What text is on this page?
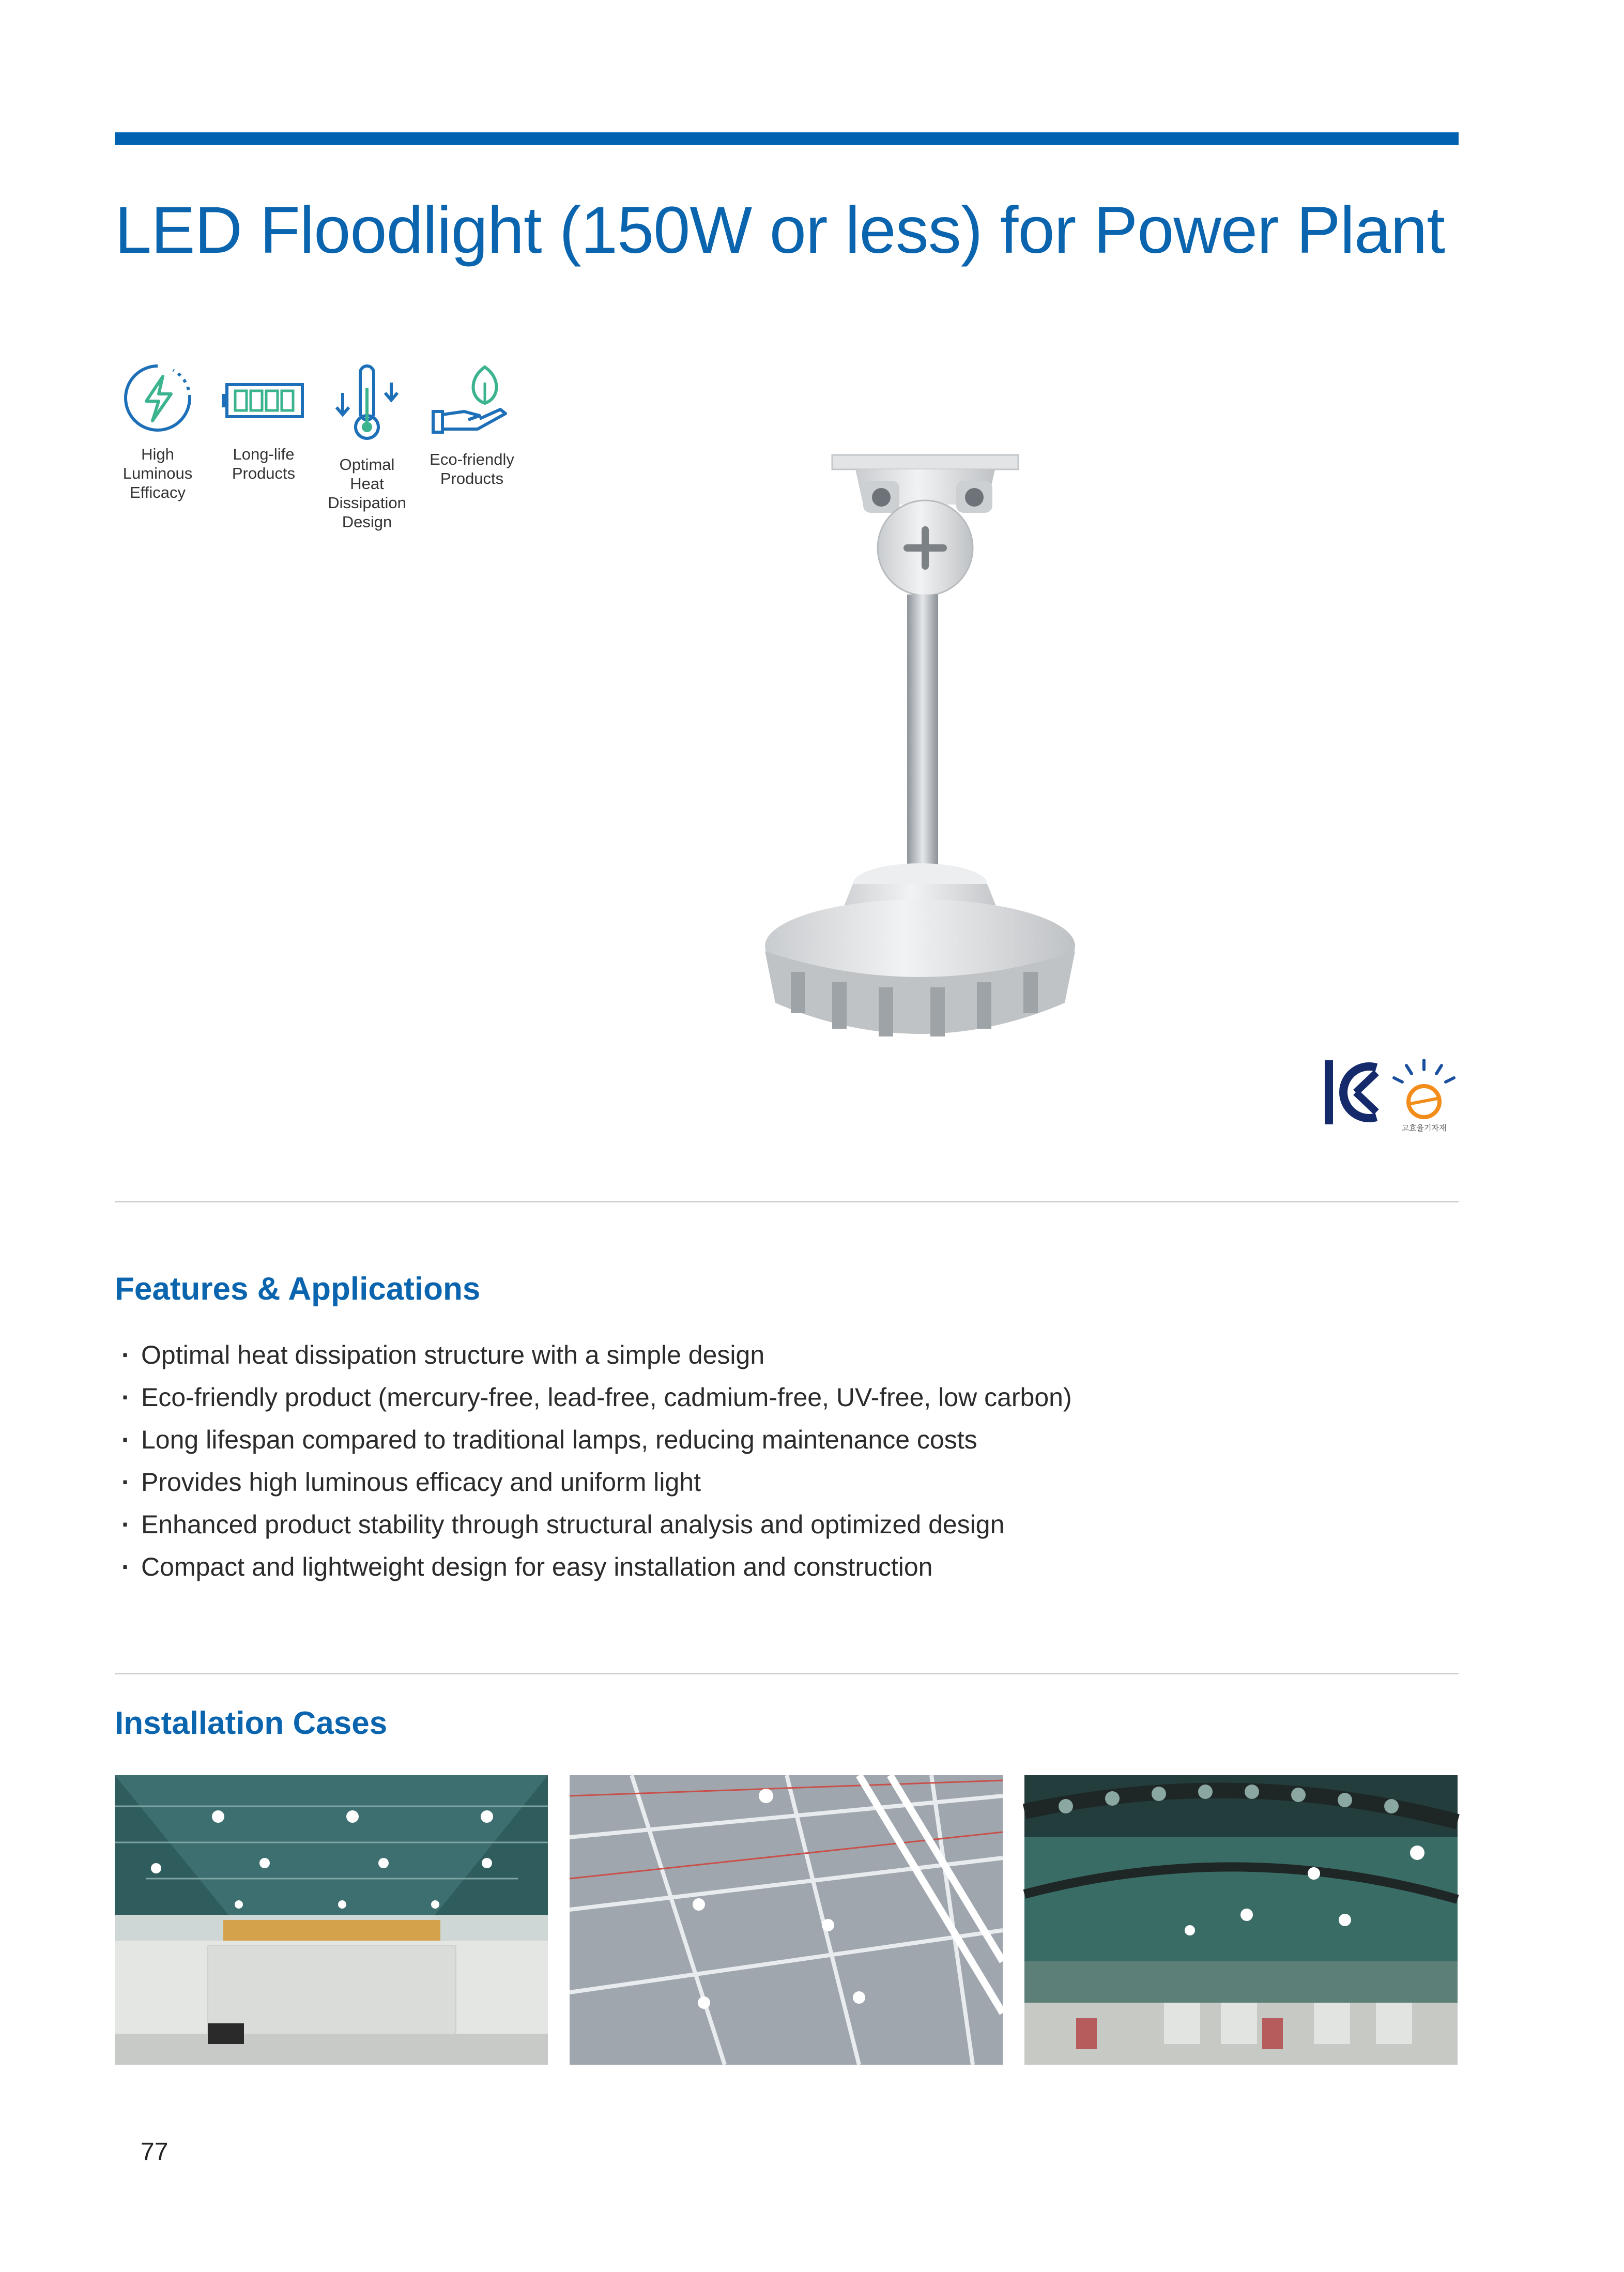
LED Floodlight (150W or less) for Power Plant
High
Luminous
Efficacy
Long-life
Products	Optimal
Heat
Dissipation
Design
Eco-friendly
Products
KC
고효율기자재
Features & Applications
· Optimal heat dissipation structure with a simple design
· Eco-friendly product (mercury-free, lead-free, cadmium-free, UV-free, low carbon)
· Long lifespan compared to traditional lamps, reducing maintenance costs
· Provides high luminous efficacy and uniform light
· Enhanced product stability through structural analysis and optimized design
· Compact and lightweight design for easy installation and construction
Installation Cases
77
